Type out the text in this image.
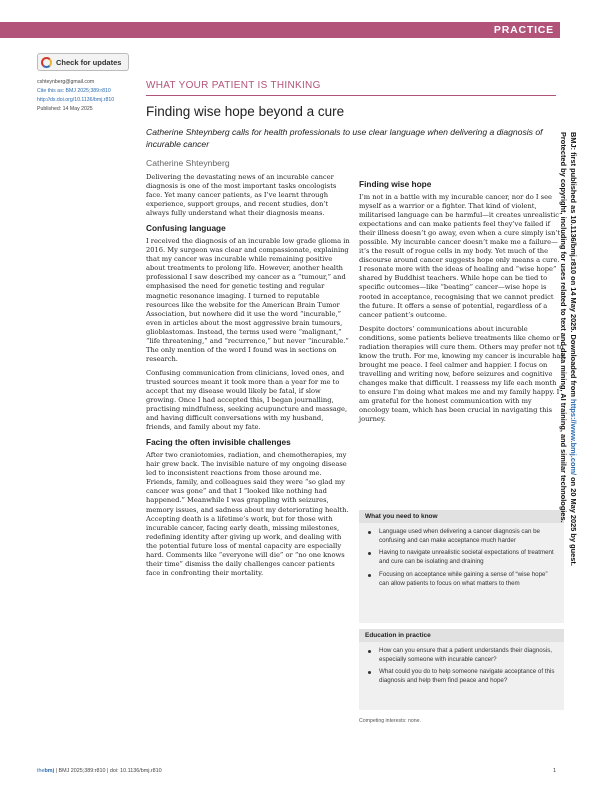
PRACTICE
Check for updates
cshteynberg@gmail.com
Cite this as: BMJ 2025;389:r810
http://dx.doi.org/10.1136/bmj.r810
Published: 14 May 2025
WHAT YOUR PATIENT IS THINKING
Finding wise hope beyond a cure
Catherine Shteynberg calls for health professionals to use clear language when delivering a diagnosis of incurable cancer
Catherine Shteynberg

Delivering the devastating news of an incurable cancer diagnosis is one of the most important tasks oncologists face. Yet many cancer patients, as I’ve learnt through experience, support groups, and recent studies, don’t always fully understand what their diagnosis means.

Confusing language

I received the diagnosis of an incurable low grade glioma in 2016. My surgeon was clear and compassionate, explaining that my cancer was incurable while remaining positive about treatments to prolong life. However, another health professional I saw described my cancer as a “tumour,” and emphasised the need for genetic testing and regular magnetic resonance imaging. I turned to reputable resources like the website for the American Brain Tumor Association, but nowhere did it use the word “incurable,” even in articles about the most aggressive brain tumours, glioblastomas. Instead, the terms used were “malignant,” “life threatening,” and “recurrence,” but never “incurable.” The only mention of the word I found was in sections on research.

Confusing communication from clinicians, loved ones, and trusted sources meant it took more than a year for me to accept that my disease would likely be fatal, if slow growing. Once I had accepted this, I began journalling, practising mindfulness, seeking acupuncture and massage, and having difficult conversations with my husband, friends, and family about my fate.

Facing the often invisible challenges

After two craniotomies, radiation, and chemotherapies, my hair grew back. The invisible nature of my ongoing disease led to inconsistent reactions from those around me. Friends, family, and colleagues said they were “so glad my cancer was gone” and that I “looked like nothing had happened.” Meanwhile I was grappling with seizures, memory issues, and sadness about my deteriorating health. Accepting death is a lifetime’s work, but for those with incurable cancer, facing early death, missing milestones, redefining identity after giving up work, and dealing with the potential future loss of mental capacity are especially hard. Comments like “everyone will die” or “no one knows their time” dismiss the daily challenges cancer patients face in confronting their mortality.

Finding wise hope

I’m not in a battle with my incurable cancer, nor do I see myself as a warrior or a fighter. That kind of violent, militarised language can be harmful—it creates unrealistic expectations and can make patients feel they’ve failed if their illness doesn’t go away, even when a cure simply isn’t possible. My incurable cancer doesn’t make me a failure—it’s the result of rogue cells in my body. Yet much of the discourse around cancer suggests hope only means a cure. I resonate more with the ideas of healing and “wise hope” shared by Buddhist teachers. While hope can be tied to specific outcomes—like “beating” cancer—wise hope is rooted in acceptance, recognising that we cannot predict the future. It offers a sense of potential, regardless of a cancer patient’s outcome.

Despite doctors’ communications about incurable conditions, some patients believe treatments like chemo or radiation therapies will cure them. Others may prefer not to know the truth. For me, knowing my cancer is incurable has brought me peace. I feel calmer and happier. I focus on travelling and writing now, before seizures and cognitive changes make that difficult. I reassess my life each month to ensure I’m doing what makes me and my family happy. I am grateful for the honest communication with my oncology team, which has been crucial in navigating this journey.

What you need to know
Language used when delivering a cancer diagnosis can be confusing and can make acceptance much harder
Having to navigate unrealistic societal expectations of treatment and cure can be isolating and draining
Focusing on acceptance while gaining a sense of “wise hope” can allow patients to focus on what matters to them
Education in practice
How can you ensure that a patient understands their diagnosis, especially someone with incurable cancer?
What could you do to help someone navigate acceptance of this diagnosis and help them find peace and hope?
Competing interests: none.
thebmj | BMJ 2025;389:r810 | doi: 10.1136/bmj.r810	1
BMJ: first published as 10.1136/bmj.r810 on 14 May 2025. Downloaded from https://www.bmj.com/ on 20 May 2025 by guest.
Protected by copyright, including for uses related to text and data mining, AI training, and similar technologies.
